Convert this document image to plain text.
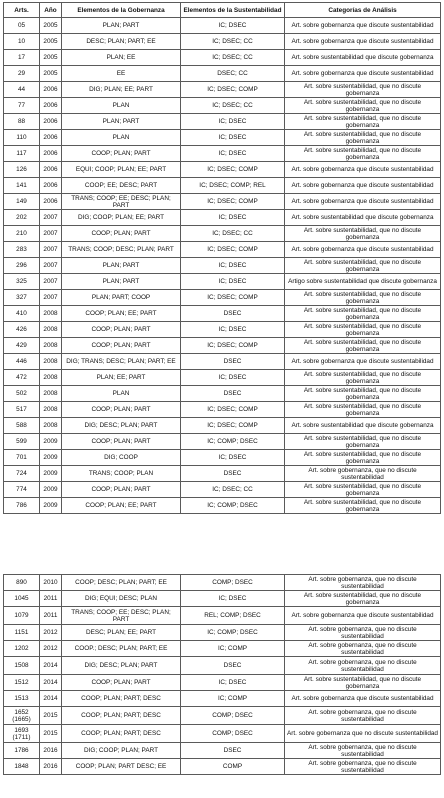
Arts.	Año	Elementos de la Gobernanza	Elementos de la Sustentabilidad	Categorías de Análisis
05	2005	PLAN; PART	IC; DSEC	Art. sobre gobernanza que discute sustentabilidad
10	2005	DESC; PLAN; PART; EE	IC; DSEC; CC	Art. sobre gobernanza que discute sustentabilidad
17	2005	PLAN; EE	IC; DSEC; CC	Art. sobre sustentabilidad que discute gobernanza
29	2005	EE	DSEC; CC	Art. sobre gobernanza que discute sustentabilidad
44	2006	DIG; PLAN; EE; PART	IC; DSEC; COMP	Art. sobre sustentabilidad, que no discute gobernanza
77	2006	PLAN	IC; DSEC; CC	Art. sobre sustentabilidad, que no discute gobernanza
88	2006	PLAN; PART	IC; DSEC	Art. sobre sustentabilidad, que no discute gobernanza
110	2006	PLAN	IC; DSEC	Art. sobre sustentabilidad, que no discute gobernanza
117	2006	COOP; PLAN; PART	IC; DSEC	Art. sobre sustentabilidad, que no discute gobernanza
126	2006	EQUI; COOP; PLAN; EE; PART	IC; DSEC; COMP	Art. sobre gobernanza que discute sustentabilidad
141	2006	COOP; EE; DESC; PART	IC; DSEC; COMP; REL	Art. sobre gobernanza que discute sustentabilidad
149	2006	TRANS; COOP; EE; DESC; PLAN; PART	IC; DSEC; COMP	Art. sobre gobernanza que discute sustentabilidad
202	2007	DIG; COOP; PLAN; EE; PART	IC; DSEC	Art. sobre sustentabilidad que discute gobernanza
210	2007	COOP; PLAN; PART	IC; DSEC; CC	Art. sobre sustentabilidad, que no discute gobernanza
283	2007	TRANS; COOP; DESC; PLAN; PART	IC; DSEC; COMP	Art. sobre gobernanza que discute sustentabilidad
296	2007	PLAN; PART	IC; DSEC	Art. sobre sustentabilidad, que no discute gobernanza
325	2007	PLAN; PART	IC; DSEC	Artigo sobre sustentabilidad que discute gobernanza
327	2007	PLAN; PART; COOP	IC; DSEC; COMP	Art. sobre sustentabilidad, que no discute gobernanza
410	2008	COOP; PLAN; EE; PART	DSEC	Art. sobre sustentabilidad, que no discute gobernanza
426	2008	COOP; PLAN; PART	IC; DSEC	Art. sobre sustentabilidad, que no discute gobernanza
429	2008	COOP; PLAN; PART	IC; DSEC; COMP	Art. sobre sustentabilidad, que no discute gobernanza
446	2008	DIG; TRANS; DESC; PLAN; PART; EE	DSEC	Art. sobre gobernanza que discute sustentabilidad
472	2008	PLAN; EE; PART	IC; DSEC	Art. sobre sustentabilidad, que no discute gobernanza
502	2008	PLAN	DSEC	Art. sobre sustentabilidad, que no discute gobernanza
517	2008	COOP; PLAN; PART	IC; DSEC; COMP	Art. sobre sustentabilidad, que no discute gobernanza
588	2008	DIG; DESC; PLAN; PART	IC; DSEC; COMP	Art. sobre sustentabilidad que discute gobernanza
599	2009	COOP; PLAN; PART	IC; COMP; DSEC	Art. sobre sustentabilidad, que no discute gobernanza
701	2009	DIG; COOP	IC; DSEC	Art. sobre sustentabilidad, que no discute gobernanza
724	2009	TRANS; COOP; PLAN	DSEC	Art. sobre gobernanza, que no discute sustentabilidad
774	2009	COOP; PLAN; PART	IC; DSEC; CC	Art. sobre sustentabilidad, que no discute gobernanza
786	2009	COOP; PLAN; EE; PART	IC; COMP; DSEC	Art. sobre sustentabilidad, que no discute gobernanza
890	2010	COOP; DESC; PLAN; PART; EE	COMP; DSEC	Art. sobre gobernanza, que no discute sustentabilidad
1045	2011	DIG; EQUI; DESC; PLAN	IC; DSEC	Art. sobre sustentabilidad, que no discute gobernanza
1079	2011	TRANS; COOP; EE; DESC; PLAN; PART	REL; COMP; DSEC	Art. sobre gobernanza que discute sustentabilidad
1151	2012	DESC; PLAN; EE; PART	IC; COMP; DSEC	Art. sobre gobernanza, que no discute sustentabilidad
1202	2012	COOP.; DESC; PLAN; PART; EE	IC; COMP	Art. sobre gobernanza, que no discute sustentabilidad
1508	2014	DIG; DESC; PLAN; PART	DSEC	Art. sobre gobernanza, que no discute sustentabilidad
1512	2014	COOP; PLAN; PART	IC; DSEC	Art. sobre sustentabilidad, que no discute gobernanza
1513	2014	COOP; PLAN; PART; DESC	IC; COMP	Art. sobre gobernanza que discute sustentabilidad
1652 (1665)	2015	COOP; PLAN; PART; DESC	COMP; DSEC	Art. sobre gobernanza, que no discute sustentabilidad
1693 (1711)	2015	COOP; PLAN; PART; DESC	COMP; DSEC	Art. sobre gobernanza que no discute sustentabilidad
1786	2016	DIG; COOP; PLAN; PART	DSEC	Art. sobre gobernanza, que no discute sustentabilidad
1848	2016	COOP; PLAN; PART DESC; EE	COMP	Art. sobre gobernanza, que no discute sustentabilidad
